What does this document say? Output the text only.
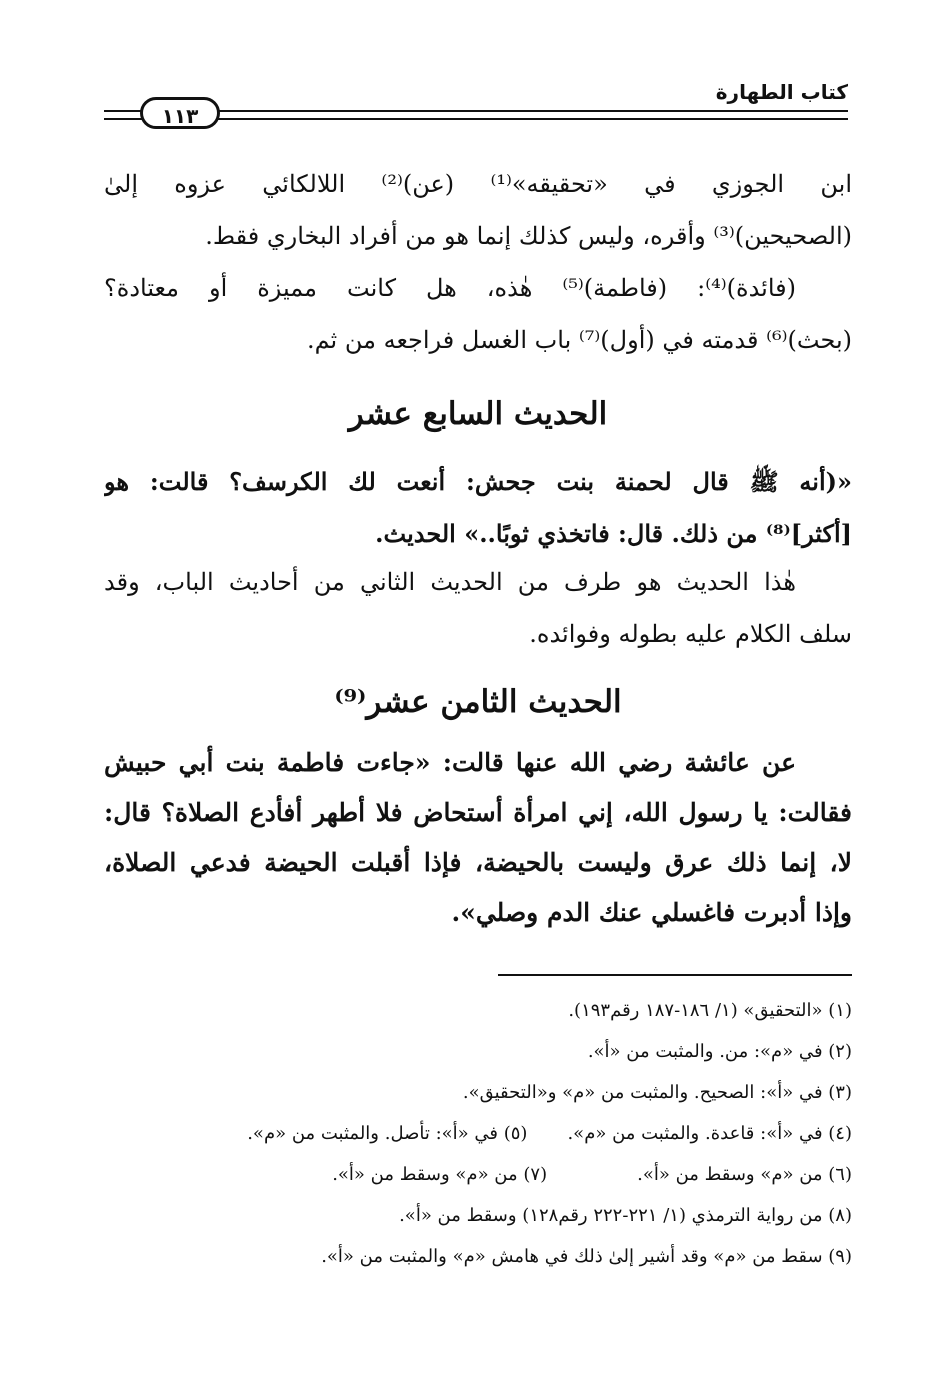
كتاب الطهارة
١١٣
ابن الجوزي في «تحقيقه»⁽¹⁾ (عن)⁽²⁾ اللالكائي عزوه إلىٰ
(الصحيحين)⁽³⁾ وأقره، وليس كذلك إنما هو من أفراد البخاري فقط.
(فائدة)⁽⁴⁾: (فاطمة)⁽⁵⁾ هٰذه، هل كانت مميزة أو معتادة؟
(بحث)⁽⁶⁾ قدمته في (أول)⁽⁷⁾ باب الغسل فراجعه من ثم.
الحديث السابع عشر
«(أنه ﷺ قال لحمنة بنت جحش: أنعت لك الكرسف؟ قالت: هو
[أكثر]⁽⁸⁾ من ذلك. قال: فاتخذي ثوبًا..» الحديث.
هٰذا الحديث هو طرف من الحديث الثاني من أحاديث الباب، وقد
سلف الكلام عليه بطوله وفوائده.
الحديث الثامن عشر⁽⁹⁾
عن عائشة رضي الله عنها قالت: «جاءت فاطمة بنت أبي حبيش
فقالت: يا رسول الله، إني امرأة أستحاض فلا أطهر أفأدع الصلاة؟ قال:
لا، إنما ذلك عرق وليست بالحيضة، فإذا أقبلت الحيضة فدعي الصلاة،
وإذا أدبرت فاغسلي عنك الدم وصلي».
(١) «التحقيق» (١/ ١٨٦-١٨٧ رقم١٩٣).
(٢) في «م»: من. والمثبت من «أ».
(٣) في «أ»: الصحيح. والمثبت من «م» و«التحقيق».
(٤) في «أ»: قاعدة. والمثبت من «م».(٥) في «أ»: تأصل. والمثبت من «م».
(٦) من «م» وسقط من «أ».(٧) من «م» وسقط من «أ».
(٨) من رواية الترمذي (١/ ٢٢١-٢٢٢ رقم١٢٨) وسقط من «أ».
(٩) سقط من «م» وقد أشير إلىٰ ذلك في هامش «م» والمثبت من «أ».
